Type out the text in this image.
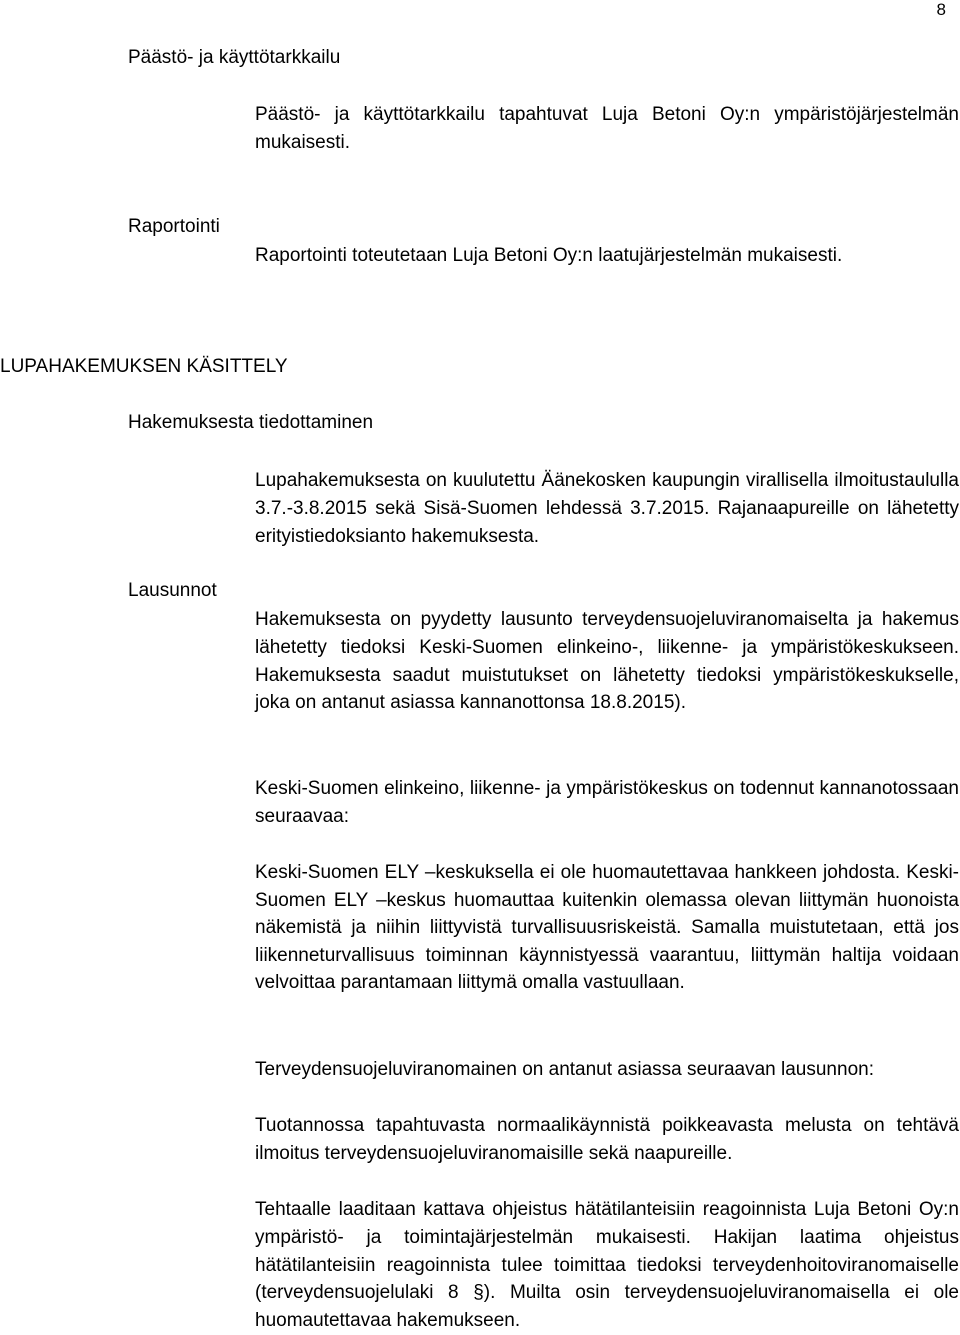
8
Päästö- ja käyttötarkkailu

Päästö- ja käyttötarkkailu tapahtuvat Luja Betoni Oy:n ympäristöjärjestelmän mukaisesti.

Raportointi

Raportointi toteutetaan Luja Betoni Oy:n laatujärjestelmän mukaisesti.

LUPAHAKEMUKSEN KÄSITTELY
Hakemuksesta tiedottaminen

Lupahakemuksesta on kuulutettu Äänekosken kaupungin virallisella ilmoitustaululla 3.7.-3.8.2015 sekä Sisä-Suomen lehdessä 3.7.2015. Rajanaapureille on lähetetty erityistiedoksianto hakemuksesta.

Lausunnot

Hakemuksesta on pyydetty lausunto terveydensuojeluviranomaiselta ja hakemus lähetetty tiedoksi Keski-Suomen elinkeino-, liikenne- ja ympäristökeskukseen. Hakemuksesta saadut muistutukset on lähetetty tiedoksi ympäristökeskukselle, joka on antanut asiassa kannanottonsa 18.8.2015).

Keski-Suomen elinkeino, liikenne- ja ympäristökeskus on todennut kannanotossaan seuraavaa:

Keski-Suomen ELY –keskuksella ei ole huomautettavaa hankkeen johdosta. Keski-Suomen ELY –keskus huomauttaa kuitenkin olemassa olevan liittymän huonoista näkemistä ja niihin liittyvistä turvallisuusriskeistä. Samalla muistutetaan, että jos liikenneturvallisuus toiminnan käynnistyessä vaarantuu, liittymän haltija voidaan velvoittaa parantamaan liittymä omalla vastuullaan.

Terveydensuojeluviranomainen on antanut asiassa seuraavan lausunnon:

Tuotannossa tapahtuvasta normaalikäynnistä poikkeavasta melusta on tehtävä ilmoitus terveydensuojeluviranomaisille sekä naapureille.

Tehtaalle laaditaan kattava ohjeistus hätätilanteisiin reagoinnista Luja Betoni Oy:n ympäristö- ja toimintajärjestelmän mukaisesti. Hakijan laatima ohjeistus hätätilanteisiin reagoinnista tulee toimittaa tiedoksi terveydenhoitoviranomaiselle (terveydensuojelulaki 8 §). Muilta osin terveydensuojeluviranomaisella ei ole huomautettavaa hakemukseen.
